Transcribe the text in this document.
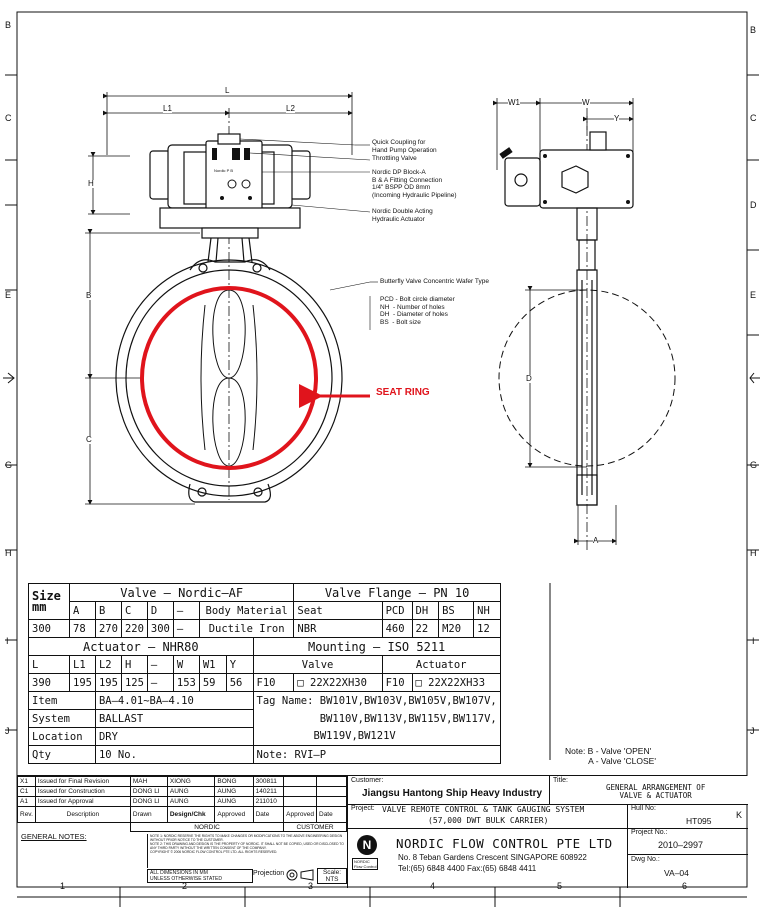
B
C
E
G
H
I
J
B
C
D
E
G
H
I
J
K
1	2	3	4	5	6
L
L1	L2
H
B
C
W1	W
Y
D
A
Quick Coupling for
Hand Pump Operation
Throttling Valve
Nordic DP Block-A
B & A Fitting Connection
1/4" BSPP OD 8mm
(Incoming Hydraulic Pipeline)
Nordic Double Acting
Hydraulic Actuator
Butterfly Valve Concentric Wafer Type
PCD - Bolt circle diameter
NH  - Number of holes
DH  - Diameter of holes
BS  - Bolt size
SEAT RING
Nordic P B
Size
mm	Valve – Nordic–AF								Valve Flange – PN 10				
	A	B	C	D	–	Body Material			Seat	PCD	DH	BS	NH
300	78	270	220	300	–	Ductile Iron			NBR	460	22	M20	12
Actuator – NHR80								Mounting – ISO 5211					
L	L1	L2	H	–	W	W1	Y	Valve		Actuator			
390	195	195	125	–	153	59	56	F10	□ 22X22XH30	F10	□ 22X22XH33		
Item		BA–4.01~BA–4.10						Tag Name: BW101V,BW103V,BW105V,BW107V,					
System		BALLAST						BW110V,BW113V,BW115V,BW117V,					
Location		DRY						BW119V,BW121V					
Qty		10 No.						Note: RVI–P						Note: B - Valve 'OPEN'
A - Valve 'CLOSE'
X1	Issued for Final Revision	MAH	XIONG	BONG	300811		
C1	Issued for Construction	DONG LI	AUNG	AUNG	140211		
A1	Issued for Approval	DONG LI	AUNG	AUNG	211010		
Rev.	Description	Drawn	Design/Chk	Approved	Date	Approved	Date
		NORDIC				CUSTOMER	
GENERAL NOTES:	NOTE 1: NORDIC RESERVE THE RIGHTS TO MAKE CHANGES OR MODIFICATIONS TO THE ABOVE ENGINEERING DESIGN WITHOUT PRIOR NOTICE TO THE CUSTOMER.
NOTE 2: THIS DRAWING AND DESIGN IS THE PROPERTY OF NORDIC. IT SHALL NOT BE COPIED, USED OR DISCLOSED TO ANY THIRD PARTY WITHOUT THE WRITTEN CONSENT OF THE COMPANY.
COPYRIGHT © 2006 NORDIC FLOW CONTROL PTE LTD. ALL RIGHTS RESERVED.
ALL DIMENSIONS IN MM
UNLESS OTHERWISE STATED
Projection	Scale:
NTS
Customer:
Jiangsu Hantong Ship Heavy Industry
Project: VALVE REMOTE CONTROL & TANK GAUGING SYSTEM
(57,000 DWT BULK CARRIER)
N
NORDIC
Flow Control
NORDIC FLOW CONTROL PTE LTD
No. 8 Teban Gardens Crescent SINGAPORE 608922
Tel:(65) 6848 4400 Fax:(65) 6848 4411
Title:
GENERAL ARRANGEMENT OF
VALVE & ACTUATOR
Hull No:
HT095
Project No.:
2010–2997
Dwg No.:
VA–04
